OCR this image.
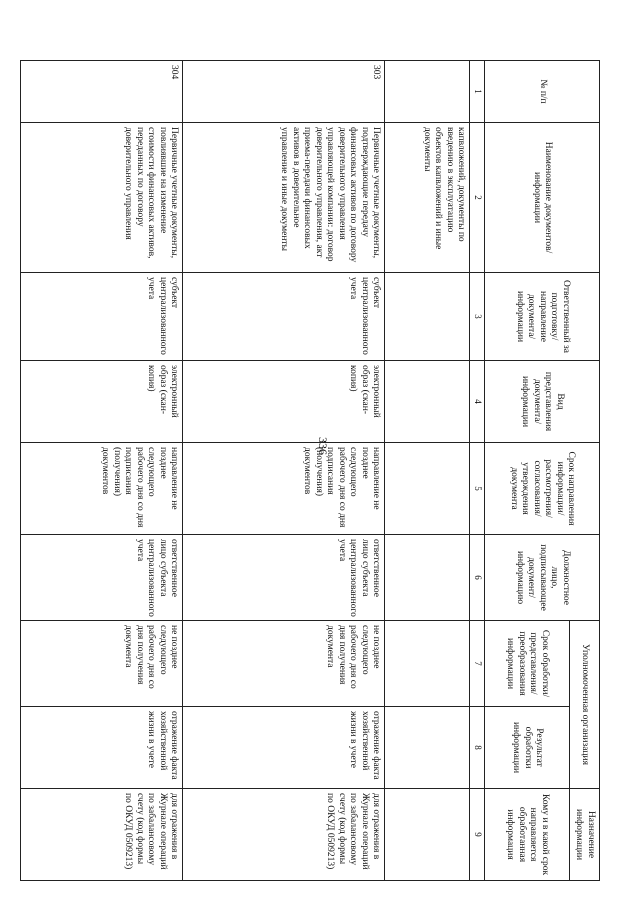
336
№ п/п	Наименование документов/ информации	Ответственный за подготовку/ направление документа/ информации	Вид представления документа/ информации	Срок направления информации/ рассмотрения/ согласования/ утверждения документа	Должностное лицо, подписывающее документ/ информацию	Уполномоченная организация		Назначение информации
						Срок обработки/ представления/ преобразования информации	Результат обработки информации	Кому и в какой срок направляется обработанная информация
1	2	3	4	5	6	7	8	9
	капвложений, документы по введению в эксплуатацию объектов капвложений и иные документы							
303	Первичные учетные документы, подтверждающие передачу финансовых активов по договору доверительного управления управляющей компании: договор доверительного управления, акт приема-передачи финансовых активов в доверительное управление и иные документы	субъект централизованного учета	электронный образ (скан-копия)	направление не позднее следующего рабочего дня со дня подписания (получения) документов	ответственное лицо субъекта централизованного учета	не позднее следующего рабочего дня со дня получения документа	отражение факта хозяйственной жизни в учете	для отражения в Журнале операций по забалансовому счету (код формы по ОКУД 0509213)
304	Первичные учетные документы, повлиявшие на изменение стоимости финансовых активов, переданных по договору доверительного управления	субъект централизованного учета	электронный образ (скан-копия)	направление не позднее следующего рабочего дня со дня подписания (получения) документов	ответственное лицо субъекта централизованного учета	не позднее следующего рабочего дня со дня получения документа	отражение факта хозяйственной жизни в учете	для отражения в Журнале операций по забалансовому счету (код формы по ОКУД 0509213)
